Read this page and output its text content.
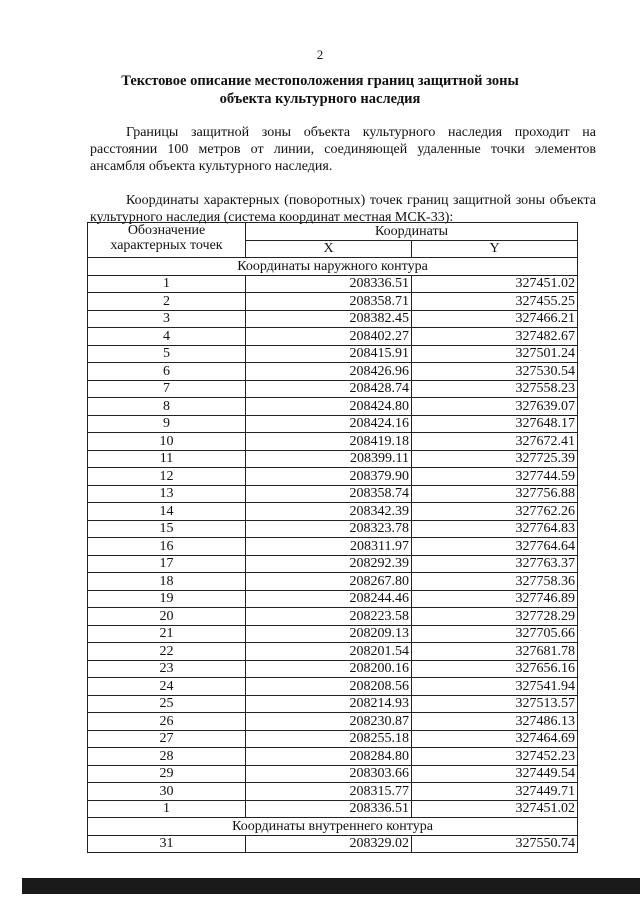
2
Текстовое описание местоположения границ защитной зоны
объекта культурного наследия
Границы защитной зоны объекта культурного наследия проходит на расстоянии 100 метров от линии, соединяющей удаленные точки элементов ансамбля объекта культурного наследия.
Координаты характерных (поворотных) точек границ защитной зоны объекта культурного наследия (система координат местная МСК-33):
Обозначение
характерных точек	Координаты	
	X	Y
Координаты наружного контура		
1	208336.51	327451.02
2	208358.71	327455.25
3	208382.45	327466.21
4	208402.27	327482.67
5	208415.91	327501.24
6	208426.96	327530.54
7	208428.74	327558.23
8	208424.80	327639.07
9	208424.16	327648.17
10	208419.18	327672.41
11	208399.11	327725.39
12	208379.90	327744.59
13	208358.74	327756.88
14	208342.39	327762.26
15	208323.78	327764.83
16	208311.97	327764.64
17	208292.39	327763.37
18	208267.80	327758.36
19	208244.46	327746.89
20	208223.58	327728.29
21	208209.13	327705.66
22	208201.54	327681.78
23	208200.16	327656.16
24	208208.56	327541.94
25	208214.93	327513.57
26	208230.87	327486.13
27	208255.18	327464.69
28	208284.80	327452.23
29	208303.66	327449.54
30	208315.77	327449.71
1	208336.51	327451.02
Координаты внутреннего контура		
31	208329.02	327550.74
